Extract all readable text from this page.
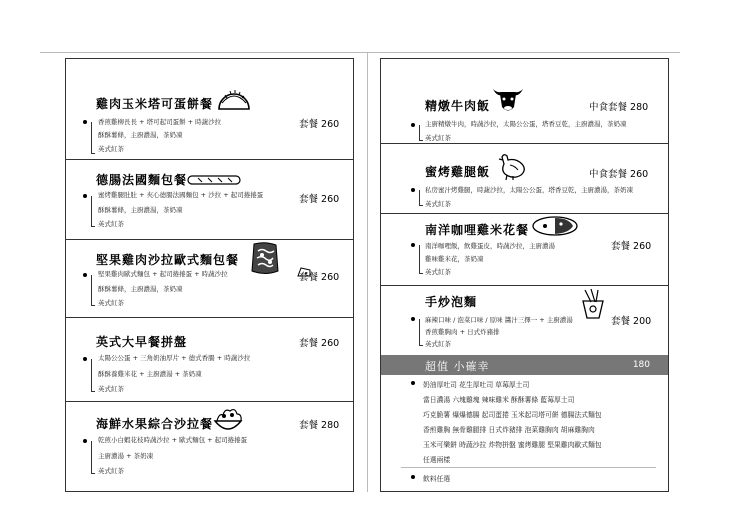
雞肉玉米塔可蛋餅餐
套餐 260
香煎雞柳長長 + 塔可起司蛋餅 + 時蔬沙拉
酥酥薯條，主廚濃湯，茶奶凍
英式紅茶
德腸法國麵包餐
套餐 260
蜜烤雞腿肚肚 + 夾心德腸法國麵包 + 沙拉 + 起司捲捲蛋
酥酥薯條，主廚濃湯，茶奶凍
英式紅茶
堅果雞肉沙拉歐式麵包餐
套餐 260
堅果雞肉歐式麵包 + 起司捲捲蛋 + 時蔬沙拉
酥酥薯條，主廚濃湯，茶奶凍
英式紅茶
英式大早餐拼盤	套餐 260
太陽公公蛋 + 三角奶油厚片 + 德式香腸 + 時蔬沙拉
酥酥養雞米花 + 主廚濃湯 + 茶奶凍
英式紅茶
海鮮水果綜合沙拉餐	套餐 280
乾煎小白蝦花枝時蔬沙拉 + 歐式麵包 + 起司捲捲蛋
主廚濃湯 + 茶奶凍
英式紅茶
精燉牛肉飯	中食套餐 280
主廚精燉牛肉，時蔬沙拉，太陽公公蛋，塔香豆乾，主廚濃湯，茶奶凍
英式紅茶
蜜烤雞腿飯	中食套餐 260
私房蜜汁烤雞腿，時蔬沙拉，太陽公公蛋，塔香豆乾，主廚濃湯，茶奶凍
英式紅茶
南洋咖哩雞米花餐
套餐 260
南洋咖哩飯，飲雞蛋皮，時蔬沙拉，主廚濃湯
雞味雞米花，茶奶凍
英式紅茶
手炒泡麵
套餐 200
麻辣口味 / 泡菜口味 / 原味 醬汁三擇一 + 主廚濃湯
香煎雞胸肉 + 日式炸豬排
英式紅茶
超值 小確幸	180
奶油厚吐司 花生厚吐司 草莓厚土司
當日濃湯 六塊雞塊 辣味雞米 酥酥薯條 藍莓厚土司
巧克脆薯 爆爆德腸 起司蛋捲 玉米起司塔可餅 德腸法式麵包
香煎雞胸 無骨雞腿排 日式炸豬排 泡菜雞胸肉 胡麻雞胸肉
玉米可樂餅 時蔬沙拉 炸物拼盤 蜜烤雞腿 堅果雞肉歐式麵包
任選兩樣
飲料任選
